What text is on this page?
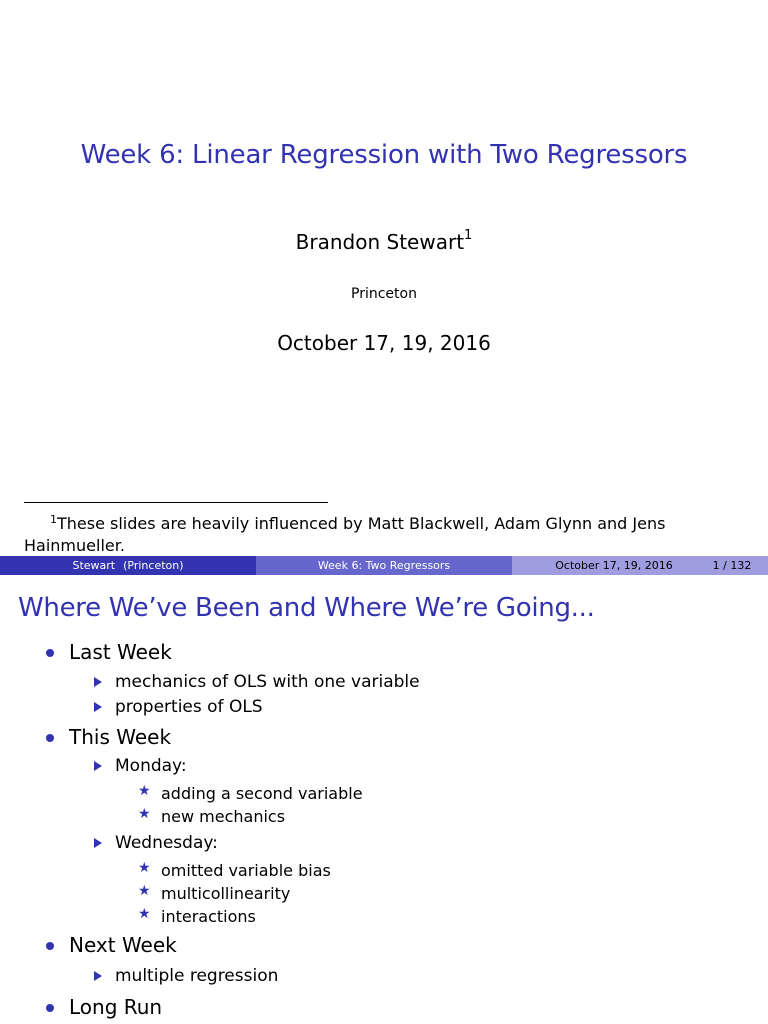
Week 6: Linear Regression with Two Regressors
Brandon Stewart$^1$
Princeton
October 17, 19, 2016
$^1$These slides are heavily influenced by Matt Blackwell, Adam Glynn and Jens Hainmueller.
Stewart (Princeton)	Week 6: Two Regressors	October 17, 19, 2016	1 / 132
Where We’ve Been and Where We’re Going...
Last Week
mechanics of OLS with one variable
properties of OLS
This Week
Monday:
★ adding a second variable
★ new mechanics
Wednesday:
★ omitted variable bias
★ multicollinearity
★ interactions
Next Week
multiple regression
Long Run
